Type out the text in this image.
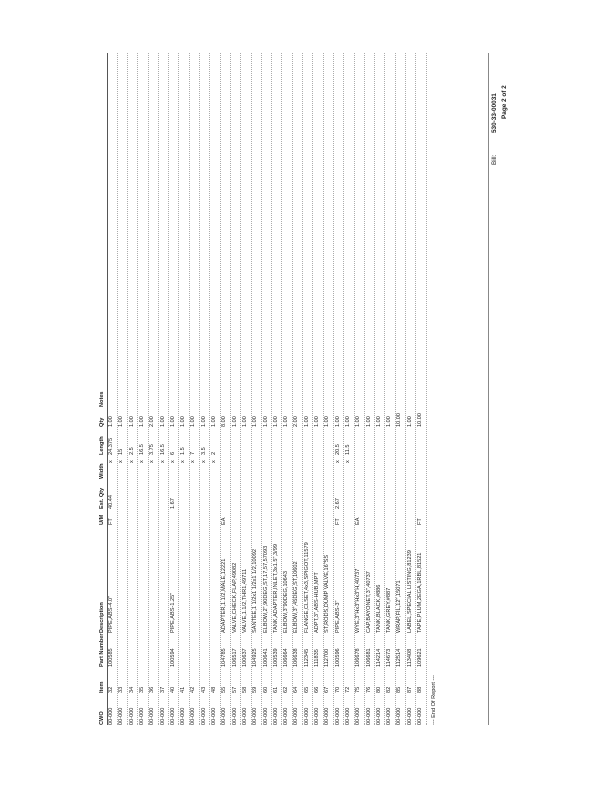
CWO
Item
Part Number
Description
U/M
Est. Qty
Width
Length
Qty
Notes
00-000
32
100585
PIPE,ABS-4.0"
FT
40.44
x
24.375
1.00
00-000
33
x
15
1.00
00-000
34
x
2.5
1.00
00-000
35
x
16.5
1.00
00-000
36
x
3.75
2.00
00-000
37
x
16.5
1.00
00-000
40
100594
PIPE,ABS-1.25"
1.67
x
6
1.00
00-000
41
x
1.5
1.00
00-000
42
x
7
1.00
00-000
43
x
3.5
1.00
00-000
48
x
2
1.00
00-000
55
104785
ADAPTER,1.1/2,MALE,12221
EA
8.00
00-000
57
106517
VALVE,CHECK,FLAP,49082
1.00
00-000
58
100637
VALVE,1.1/2,THR1,49711
1.00
00-000
59
104925
SANTEE,1 1/2x1 1/2x1 1/2,10092
1.00
00-000
60
100641
ELBOW,2",90DEG,ST,17,57,57093
1.00
00-000
61
100539
TANK,ADAPTER,INLET,3x1.5",3/99
1.00
00-000
62
106664
ELBOW,3"90DEG,10643
1.00
00-000
64
106638
ELBOW,3",45DEG,ST,10602
2.00
00-000
65
112345
FLANGE,CLSET,4x3,SPIGOT,11579
1.00
00-000
66
111835
ADPT,3",ABS-HUB,MPT
1.00
00-000
67
112700
ST,RODS,DUMP VALVE,16"SS
1.00
00-000
70
100596
PIPE,ABS-3"
FT
2.67
x
20.5
1.00
00-000
72
x
11.5
1.00
00-000
75
106678
WYE,3"Hx3"Hx3"H,40737
EA
1.00
00-000
76
106681
CAP,BAYONET,3",40737
1.00
00-000
80
114214
TANK,BLACK,#886
1.00
00-000
82
114673
TANK,GREY,#887
1.00
00-000
85
112514
WRAP,FIL,12",15071
10.00
00-000
87
113408
LABEL,SPECIAL LISTING,81239
1.00
00-000
88
109621
TAPE,PLUM,2EGA,1RBL,81521
FT
10.00
--- End Of Report ---
Bill:
530-33-00031 Page 2 of 2
